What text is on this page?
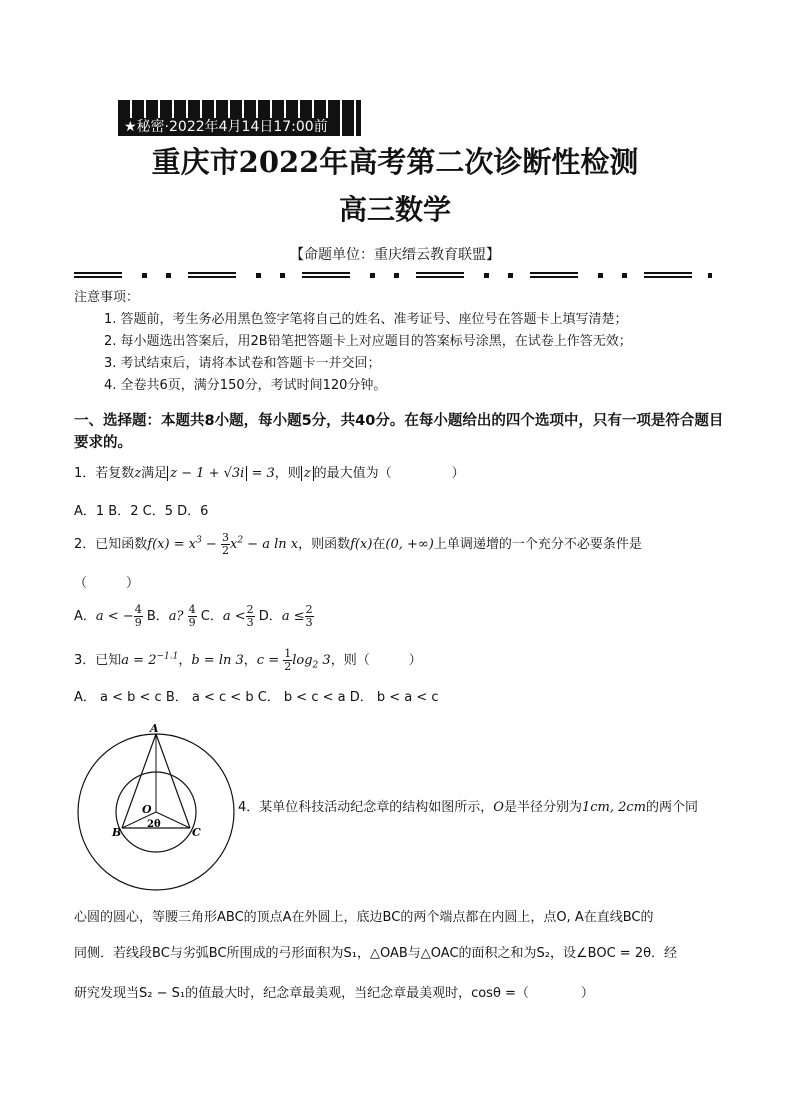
★秘密·2022年4月14日17:00前
重庆市2022年高考第二次诊断性检测
高三数学
【命题单位：重庆缙云教育联盟】
注意事项：
1. 答题前，考生务必用黑色签字笔将自己的姓名、准考证号、座位号在答题卡上填写清楚；
2. 每小题选出答案后，用2B铅笔把答题卡上对应题目的答案标号涂黑，在试卷上作答无效；
3. 考试结束后，请将本试卷和答题卡一并交回；
4. 全卷共6页，满分150分，考试时间120分钟。
一、选择题：本题共8小题，每小题5分，共40分。在每小题给出的四个选项中，只有一项是符合题目要求的。
1．若复数z满足 z − 1 + √3i = 3，则 z 的最大值为（	）
A．1 B．2 C．5 D．6
2．已知函数$f(x) = x^3 - \frac{3}{2} x^2 - a$ ln x，则函数f(x)在(0, +∞)上单调递增的一个充分不必要条件是
（　　　）
A．a < − $\frac{4}{9}$ B．a? $\frac{4}{9}$ C．$a < \frac{2}{3}$ D．$a \le \frac{2}{3}$
3．已知$a = 2^{-1.1}$，b = ln 3，$c = \frac{1}{2} \log_2 3$，则（　　　）
A． a < b < c B． a < c < b C． b < c < a D． b < a < c
A
O
B	C
2θ
4．某单位科技活动纪念章的结构如图所示，O是半径分别为1cm, 2cm的两个同
心圆的圆心，等腰三角形ABC的顶点A在外圆上，底边BC的两个端点都在内圆上，点O, A在直线BC的
同侧．若线段BC与劣弧BC所围成的弓形面积为S₁，△OAB与△OAC的面积之和为S₂，设∠BOC = 2θ．经
研究发现当S₂ − S₁的值最大时，纪念章最美观，当纪念章最美观时，cosθ =（　　　　）
